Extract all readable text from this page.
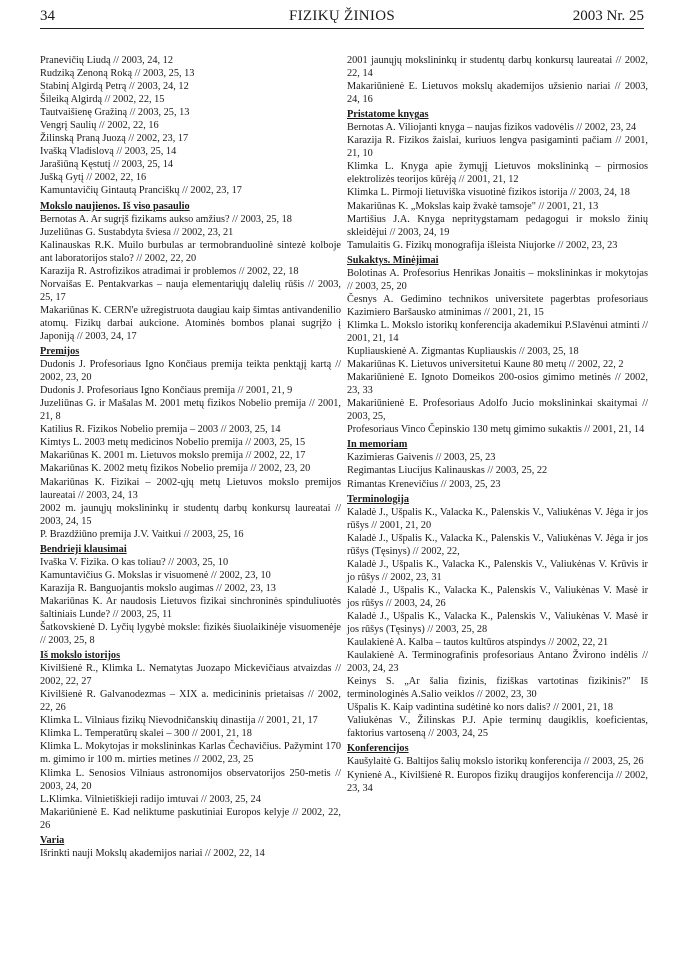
34	FIZIKŲ ŽINIOS	2003 Nr. 25
Pranevičių Liudą // 2003, 24, 12
Rudziką Zenoną Roką // 2003, 25, 13
Stabinį Algirdą Petrą // 2003, 24, 12
Šileiką Algirdą // 2002, 22, 15
Tautvaišienę Gražiną // 2003, 25, 13
Vengrį Saulių // 2002, 22, 16
Žilinską Praną Juozą // 2002, 23, 17
Ivašką Vladislovą // 2003, 25, 14
Jarašiūną Kęstutį // 2003, 25, 14
Jušką Gytį // 2002, 22, 16
Kamuntavičių Gintautą Pranciškų // 2002, 23, 17
Mokslo naujienos. Iš viso pasaulio
Bernotas A. Ar sugrįš fizikams aukso amžius? // 2003, 25, 18
Juzeliūnas G. Sustabdyta šviesa // 2002, 23, 21
Kalinauskas R.K. Muilo burbulas ar termobranduolinė sintezė kolboje ant laboratorijos stalo? // 2002, 22, 20
Karazija R. Astrofizikos atradimai ir problemos // 2002, 22, 18
Norvaišas E. Pentakvarkas – nauja elementariųjų dalelių rūšis // 2003, 25, 17
Makariūnas K. CERN'e užregistruota daugiau kaip šimtas antivandenilio atomų. Fizikų darbai aukcione. Atominės bombos planai sugrįžo į Japoniją // 2003, 24, 17
Premijos
Dudonis J. Profesoriaus Igno Končiaus premija teikta penktąjį kartą // 2002, 23, 20
Dudonis J. Profesoriaus Igno Končiaus premija // 2001, 21, 9
Juzeliūnas G. ir Mašalas M. 2001 metų fizikos Nobelio premija // 2001, 21, 8
Katilius R. Fizikos Nobelio premija – 2003 // 2003, 25, 14
Kimtys L. 2003 metų medicinos Nobelio premija // 2003, 25, 15
Makariūnas K. 2001 m. Lietuvos mokslo premija // 2002, 22, 17
Makariūnas K. 2002 metų fizikos Nobelio premija // 2002, 23, 20
Makariūnas K. Fizikai – 2002-ųjų metų Lietuvos mokslo premijos laureatai // 2003, 24, 13
2002 m. jaunųjų mokslininkų ir studentų darbų konkursų laureatai // 2003, 24, 15
P. Brazdžiūno premija J.V. Vaitkui // 2003, 25, 16
Bendrieji klausimai
Ivaška V. Fizika. O kas toliau? // 2003, 25, 10
Kamuntavičius G. Mokslas ir visuomenė // 2002, 23, 10
Karazija R. Banguojantis mokslo augimas // 2002, 23, 13
Makariūnas K. Ar naudosis Lietuvos fizikai sinchroninės spinduliuotės šaltiniais Lunde? // 2003, 25, 11
Šatkovskienė D. Lyčių lygybė moksle: fizikės šiuolaikinėje visuomenėje // 2003, 25, 8
Iš mokslo istorijos
Kivilšienė R., Klimka L. Nematytas Juozapo Mickevičiaus atvaizdas // 2002, 22, 27
Kivilšienė R. Galvanodezmas – XIX a. medicininis prietaisas // 2002, 22, 26
Klimka L. Vilniaus fizikų Nievodničanskių dinastija // 2001, 21, 17
Klimka L. Temperatūrų skalei – 300 // 2001, 21, 18
Klimka L. Mokytojas ir mokslininkas Karlas Čechavičius. Pažymint 170 m. gimimo ir 100 m. mirties metines // 2002, 23, 25
Klimka L. Senosios Vilniaus astronomijos observatorijos 250-metis // 2003, 24, 20
L.Klimka. Vilnietiškieji radijo imtuvai // 2003, 25, 24
Makariūnienė E. Kad neliktume paskutiniai Europos kelyje // 2002, 22, 26
Varia
Išrinkti nauji Mokslų akademijos nariai // 2002, 22, 14
2001 jaunųjų mokslininkų ir studentų darbų konkursų laureatai // 2002, 22, 14
Makariūnienė E. Lietuvos mokslų akademijos užsienio nariai // 2003, 24, 16
Pristatome knygas
Bernotas A. Viliojanti knyga – naujas fizikos vadovėlis // 2002, 23, 24
Karazija R. Fizikos žaislai, kuriuos lengva pasigaminti pačiam // 2001, 21, 10
Klimka L. Knyga apie žymųjį Lietuvos mokslininką – pirmosios elektrolizės teorijos kūrėją // 2001, 21, 12
Klimka L. Pirmoji lietuviška visuotinė fizikos istorija // 2003, 24, 18
Makariūnas K. „Mokslas kaip žvakė tamsoje" // 2001, 21, 13
Martišius J.A. Knyga nepritygstamam pedagogui ir mokslo žinių skleidėjui // 2003, 24, 19
Tamulaitis G. Fizikų monografija išleista Niujorke // 2002, 23, 23
Sukaktys. Minėjimai
Bolotinas A. Profesorius Henrikas Jonaitis – mokslininkas ir mokytojas // 2003, 25, 20
Česnys A. Gedimino technikos universitete pagerbtas profesoriaus Kazimiero Baršausko atminimas // 2001, 21, 15
Klimka L. Mokslo istorikų konferencija akademikui P.Slavėnui atminti // 2001, 21, 14
Kupliauskienė A. Zigmantas Kupliauskis // 2003, 25, 18
Makariūnas K. Lietuvos universitetui Kaune 80 metų // 2002, 22, 2
Makariūnienė E. Ignoto Domeikos 200-osios gimimo metinės // 2002, 23, 33
Makariūnienė E. Profesoriaus Adolfo Jucio mokslininkai skaitymai // 2003, 25,
Profesoriaus Vinco Čepinskio 130 metų gimimo sukaktis // 2001, 21, 14
In memoriam
Kazimieras Gaivenis // 2003, 25, 23
Regimantas Liucijus Kalinauskas // 2003, 25, 22
Rimantas Krenevičius // 2003, 25, 23
Terminologija
Kaladė J., Ušpalis K., Valacka K., Palenskis V., Valiukėnas V. Jėga ir jos rūšys // 2001, 21, 20
Kaladė J., Ušpalis K., Valacka K., Palenskis V., Valiukėnas V. Jėga ir jos rūšys (Tęsinys) // 2002, 22,
Kaladė J., Ušpalis K., Valacka K., Palenskis V., Valiukėnas V. Krūvis ir jo rūšys // 2002, 23, 31
Kaladė J., Ušpalis K., Valacka K., Palenskis V., Valiukėnas V. Masė ir jos rūšys // 2003, 24, 26
Kaladė J., Ušpalis K., Valacka K., Palenskis V., Valiukėnas V. Masė ir jos rūšys (Tęsinys) // 2003, 25, 28
Kaulakienė A. Kalba – tautos kultūros atspindys // 2002, 22, 21
Kaulakienė A. Terminografinis profesoriaus Antano Žvirono indėlis // 2003, 24, 23
Keinys S. „Ar šalia fizinis, fiziškas vartotinas fizikinis?" Iš terminologinės A.Salio veiklos // 2002, 23, 30
Ušpalis K. Kaip vadintina sudėtinė ko nors dalis? // 2001, 21, 18
Valiukėnas V., Žilinskas P.J. Apie terminų daugiklis, koeficientas, faktorius vartoseną // 2003, 24, 25
Konferencijos
Kaušylaitė G. Baltijos šalių mokslo istorikų konferencija // 2003, 25, 26
Kynienė A., Kivilšienė R. Europos fizikų draugijos konferencija // 2002, 23, 34
